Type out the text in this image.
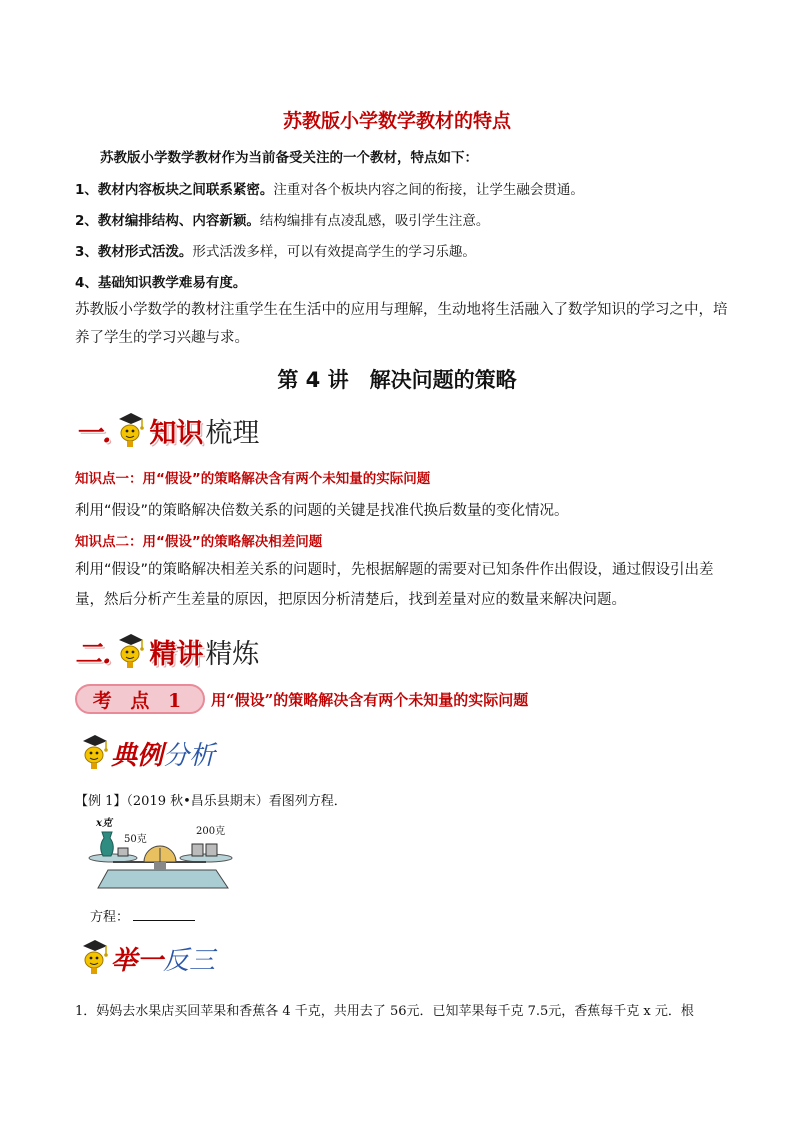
苏教版小学数学教材的特点
苏教版小学数学教材作为当前备受关注的一个教材，特点如下：
1、教材内容板块之间联系紧密。注重对各个板块内容之间的衔接，让学生融会贯通。
2、教材编排结构、内容新颖。结构编排有点凌乱感，吸引学生注意。
3、教材形式活泼。形式活泼多样，可以有效提高学生的学习乐趣。
4、基础知识教学难易有度。
苏教版小学数学的教材注重学生在生活中的应用与理解，生动地将生活融入了数学知识的学习之中，培养了学生的学习兴趣与求。
第 4 讲　解决问题的策略
一. 知识 梳理
知识点一：用“假设”的策略解决含有两个未知量的实际问题
利用“假设”的策略解决倍数关系的问题的关键是找准代换后数量的变化情况。
知识点二：用“假设”的策略解决相差问题
利用“假设”的策略解决相差关系的问题时，先根据解题的需要对已知条件作出假设，通过假设引出差量，然后分析产生差量的原因，把原因分析清楚后，找到差量对应的数量来解决问题。
二. 精讲 精炼
考 点 1	用“假设”的策略解决含有两个未知量的实际问题
典例 分析
【例 1】（2019 秋•昌乐县期末）看图列方程．
x克
50克
200克
方程：
举一 反三
1．妈妈去水果店买回苹果和香蕉各 4 千克，共用去了 56元．已知苹果每千克 7.5元，香蕉每千克 x 元．根
